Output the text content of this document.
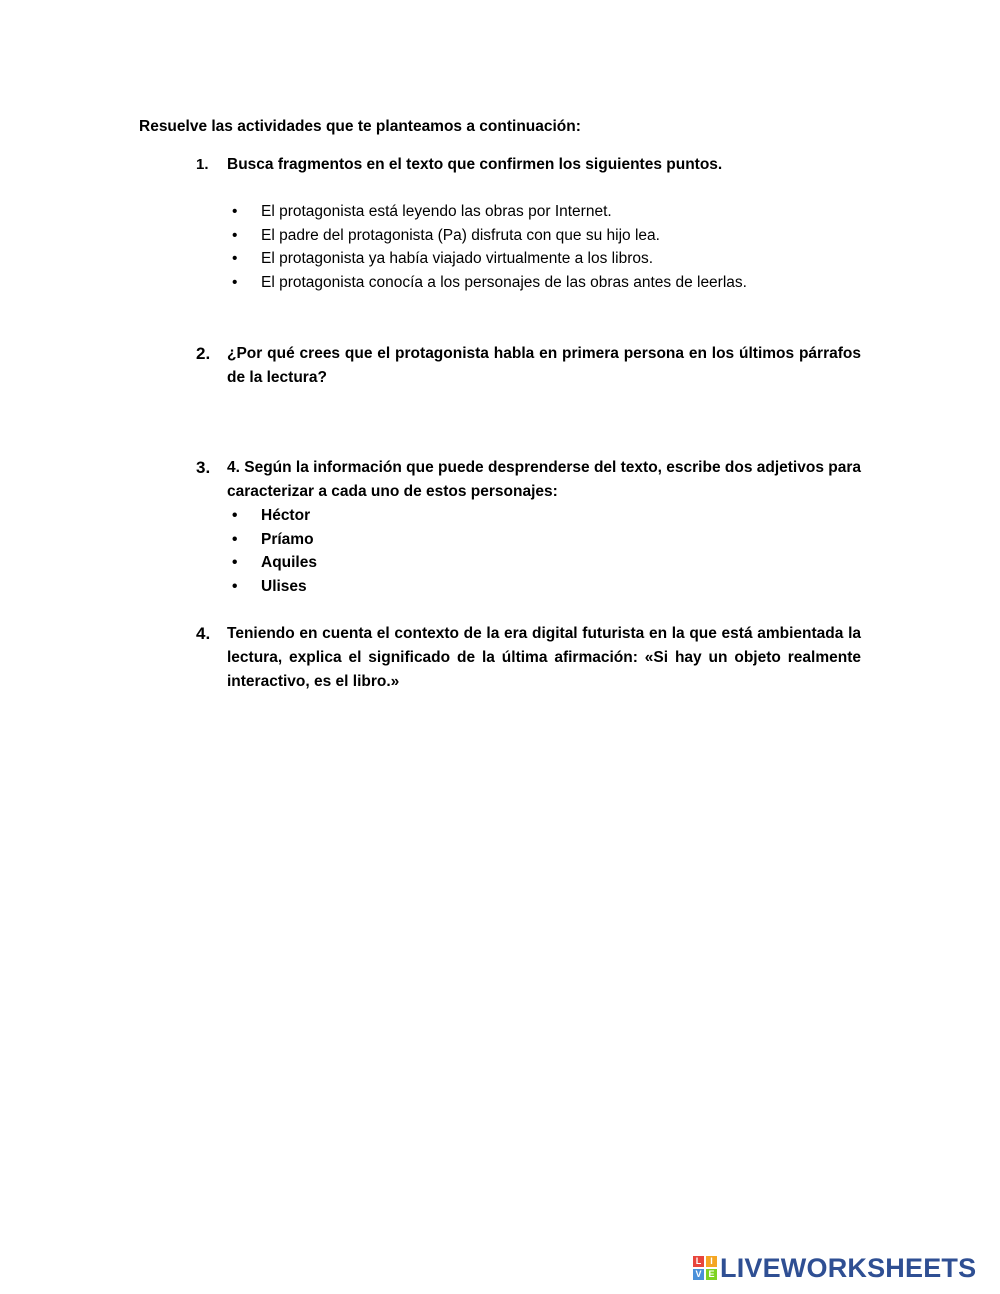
Resuelve las actividades que te planteamos a continuación:
1.	Busca fragmentos en el texto que confirmen los siguientes puntos.
• El protagonista está leyendo las obras por Internet.
• El padre del protagonista (Pa) disfruta con que su hijo lea.
• El protagonista ya había viajado virtualmente a los libros.
• El protagonista conocía a los personajes de las obras antes de leerlas.
2.	¿Por qué crees que el protagonista habla en primera persona en los últimos párrafos de la lectura?
3.	4. Según la información que puede desprenderse del texto, escribe dos adjetivos para caracterizar a cada uno de estos personajes:
• Héctor
• Príamo
• Aquiles
• Ulises
4.	Teniendo en cuenta el contexto de la era digital futurista en la que está ambientada la lectura, explica el significado de la última afirmación: «Si hay un objeto realmente interactivo, es el libro.»
L I
V E LIVEWORKSHEETS
